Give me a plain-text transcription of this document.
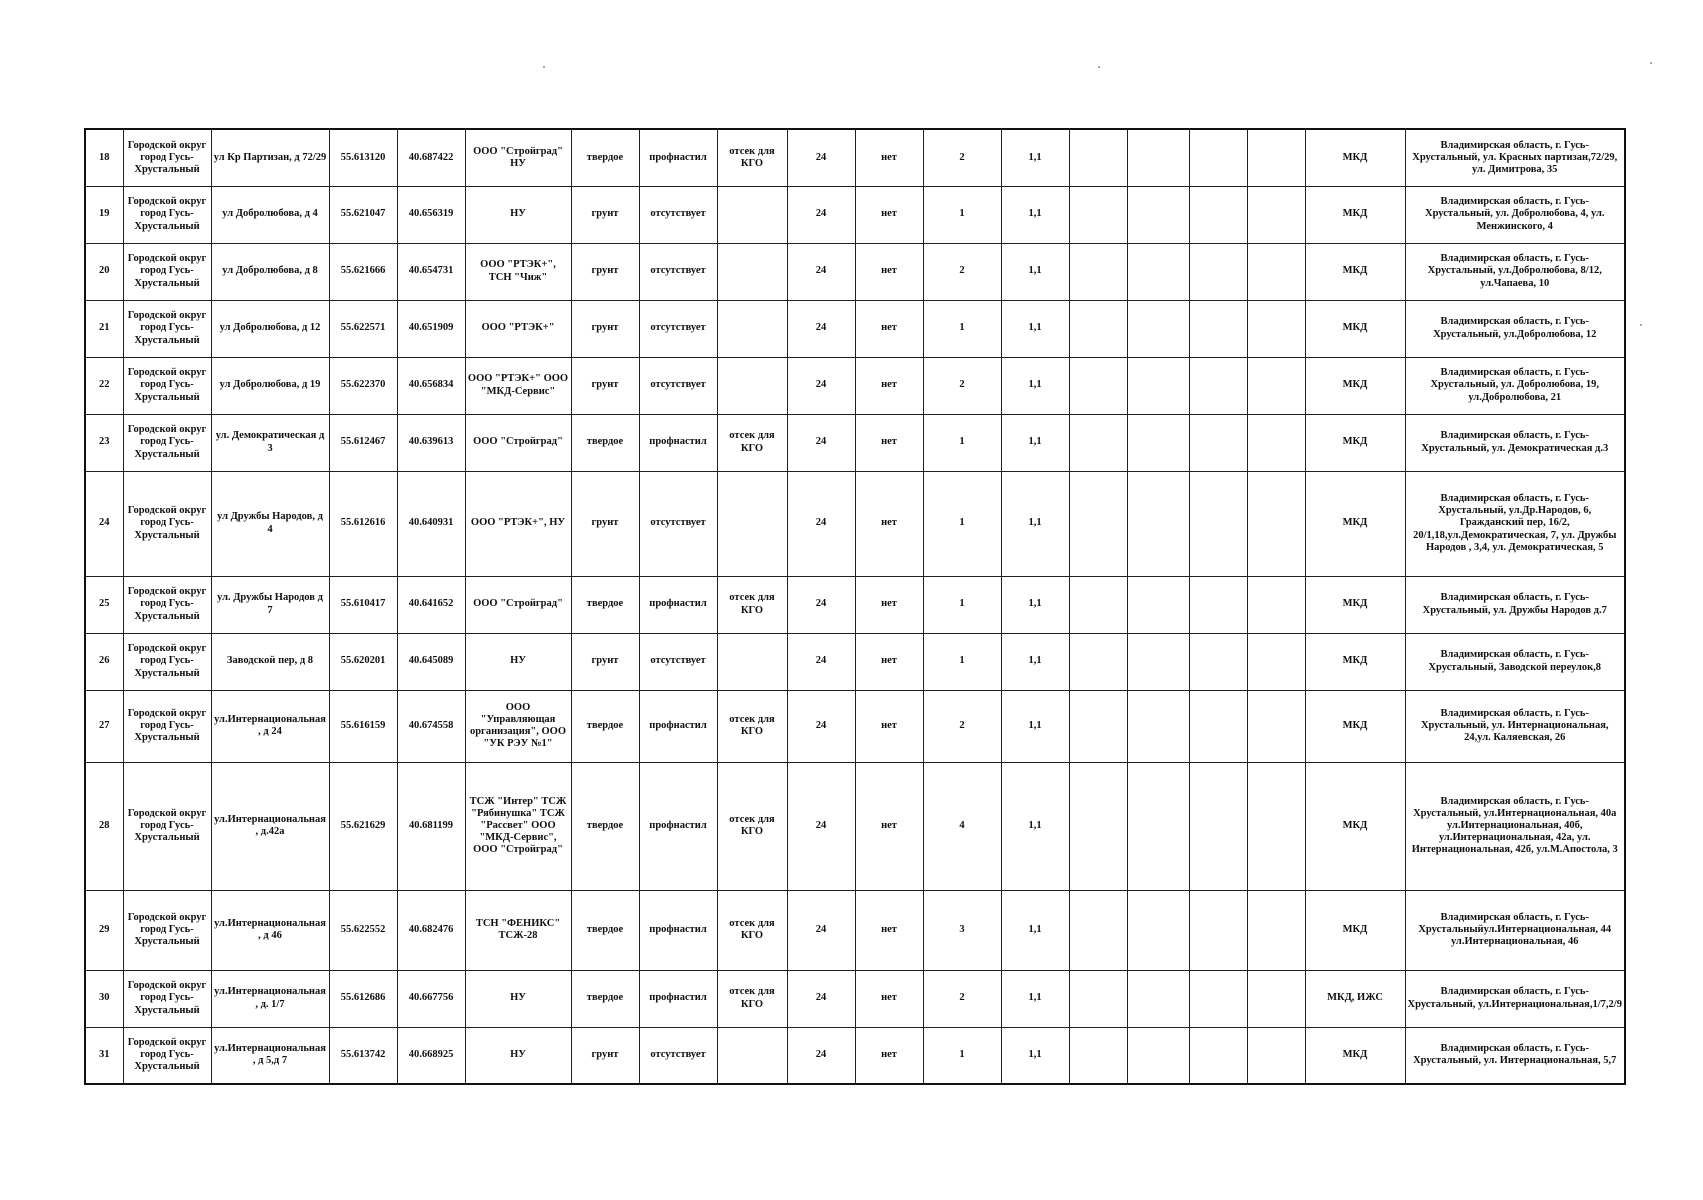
18	Городской округ город Гусь-Хрустальный	ул Кр Партизан, д 72/29	55.613120	40.687422	ООО "Стройград" НУ	твердое	профнастил	отсек для КГО	24	нет	2	1,1					МКД	Владимирская область, г. Гусь-Хрустальный, ул. Красных партизан,72/29, ул. Димитрова, 35
19	Городской округ город Гусь-Хрустальный	ул Добролюбова, д 4	55.621047	40.656319	НУ	грунт	отсутствует		24	нет	1	1,1					МКД	Владимирская область, г. Гусь-Хрустальный, ул. Добролюбова, 4, ул. Менжинского, 4
20	Городской округ город Гусь-Хрустальный	ул Добролюбова, д 8	55.621666	40.654731	ООО "РТЭК+", ТСН "Чиж"	грунт	отсутствует		24	нет	2	1,1					МКД	Владимирская область, г. Гусь-Хрустальный, ул.Добролюбова, 8/12, ул.Чапаева, 10
21	Городской округ город Гусь-Хрустальный	ул Добролюбова, д 12	55.622571	40.651909	ООО "РТЭК+"	грунт	отсутствует		24	нет	1	1,1					МКД	Владимирская область, г. Гусь-Хрустальный, ул.Добролюбова, 12
22	Городской округ город Гусь-Хрустальный	ул Добролюбова, д 19	55.622370	40.656834	ООО "РТЭК+" ООО "МКД-Сервис"	грунт	отсутствует		24	нет	2	1,1					МКД	Владимирская область, г. Гусь-Хрустальный, ул. Добролюбова, 19, ул.Добролюбова, 21
23	Городской округ город Гусь-Хрустальный	ул. Демократическая д 3	55.612467	40.639613	ООО "Стройград"	твердое	профнастил	отсек для КГО	24	нет	1	1,1					МКД	Владимирская область, г. Гусь-Хрустальный, ул. Демократическая д.3
24	Городской округ город Гусь-Хрустальный	ул Дружбы Народов, д 4	55.612616	40.640931	ООО "РТЭК+", НУ	грунт	отсутствует		24	нет	1	1,1					МКД	Владимирская область, г. Гусь-Хрустальный, ул.Др.Народов, 6, Гражданский пер, 16/2, 20/1,18,ул.Демократическая, 7, ул. Дружбы Народов , 3,4, ул. Демократическая, 5
25	Городской округ город Гусь-Хрустальный	ул. Дружбы Народов д 7	55.610417	40.641652	ООО "Стройград"	твердое	профнастил	отсек для КГО	24	нет	1	1,1					МКД	Владимирская область, г. Гусь-Хрустальный, ул. Дружбы Народов д.7
26	Городской округ город Гусь-Хрустальный	Заводской пер, д 8	55.620201	40.645089	НУ	грунт	отсутствует		24	нет	1	1,1					МКД	Владимирская область, г. Гусь-Хрустальный, Заводской переулок,8
27	Городской округ город Гусь-Хрустальный	ул.Интернациональная, д 24	55.616159	40.674558	ООО "Управляющая организация", ООО "УК РЭУ №1"	твердое	профнастил	отсек для КГО	24	нет	2	1,1					МКД	Владимирская область, г. Гусь-Хрустальный, ул. Интернациональная, 24,ул. Каляевская, 26
28	Городской округ город Гусь-Хрустальный	ул.Интернациональная, д.42а	55.621629	40.681199	ТСЖ "Интер" ТСЖ "Рябинушка" ТСЖ "Рассвет" ООО "МКД-Сервис", ООО "Стройград"	твердое	профнастил	отсек для КГО	24	нет	4	1,1					МКД	Владимирская область, г. Гусь-Хрустальный, ул.Интернациональная, 40а ул.Интернациональная, 40б, ул.Интернациональная, 42а, ул. Интернациональная, 42б, ул.М.Апостола, 3
29	Городской округ город Гусь-Хрустальный	ул.Интернациональная, д 46	55.622552	40.682476	ТСН "ФЕНИКС" ТСЖ-28	твердое	профнастил	отсек для КГО	24	нет	3	1,1					МКД	Владимирская область, г. Гусь-Хрустальныйул.Интернациональная, 44 ул.Интернациональная, 46
30	Городской округ город Гусь-Хрустальный	ул.Интернациональная, д. 1/7	55.612686	40.667756	НУ	твердое	профнастил	отсек для КГО	24	нет	2	1,1					МКД, ИЖС	Владимирская область, г. Гусь-Хрустальный, ул.Интернациональная,1/7,2/9
31	Городской округ город Гусь-Хрустальный	ул.Интернациональная, д 5,д 7	55.613742	40.668925	НУ	грунт	отсутствует		24	нет	1	1,1					МКД	Владимирская область, г. Гусь-Хрустальный, ул. Интернациональная, 5,7
